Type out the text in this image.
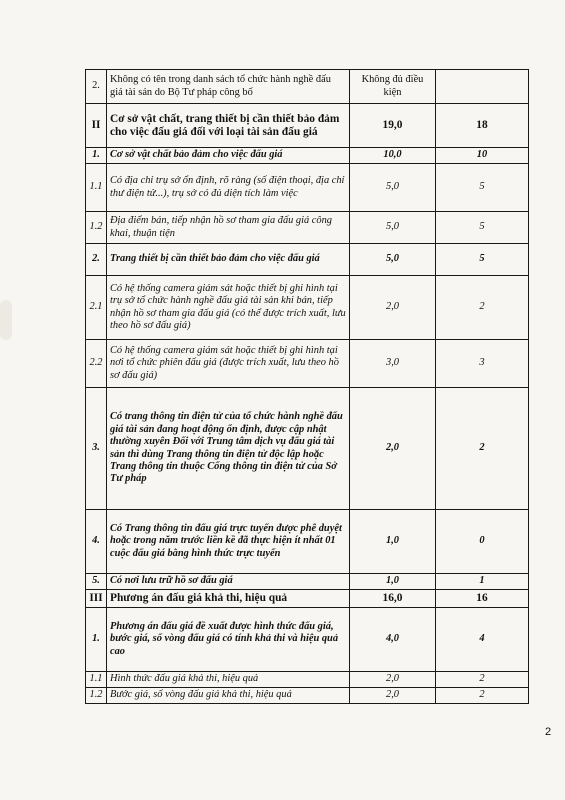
2.	Không có tên trong danh sách tổ chức hành nghề đấu giá tài sản do Bộ Tư pháp công bố	Không đủ điều kiện	
II	Cơ sở vật chất, trang thiết bị cần thiết bảo đảm cho việc đấu giá đối với loại tài sản đấu giá	19,0	18
1.	Cơ sở vật chất bảo đảm cho việc đấu giá	10,0	10
1.1	Có địa chỉ trụ sở ổn định, rõ ràng (số điện thoại, địa chỉ thư điện tử...), trụ sở có đủ diện tích làm việc	5,0	5
1.2	Địa điểm bán, tiếp nhận hồ sơ tham gia đấu giá công khai, thuận tiện	5,0	5
2.	Trang thiết bị cần thiết bảo đảm cho việc đấu giá	5,0	5
2.1	Có hệ thống camera giám sát hoặc thiết bị ghi hình tại trụ sở tổ chức hành nghề đấu giá tài sản khi bán, tiếp nhận hồ sơ tham gia đấu giá (có thể được trích xuất, lưu theo hồ sơ đấu giá)	2,0	2
2.2	Có hệ thống camera giám sát hoặc thiết bị ghi hình tại nơi tổ chức phiên đấu giá (được trích xuất, lưu theo hồ sơ đấu giá)	3,0	3
3.	Có trang thông tin điện tử của tổ chức hành nghề đấu giá tài sản đang hoạt động ổn định, được cập nhật thường xuyên Đối với Trung tâm dịch vụ đấu giá tài sản thì dùng Trang thông tin điện tử độc lập hoặc Trang thông tin thuộc Cổng thông tin điện tử của Sở Tư pháp	2,0	2
4.	Có Trang thông tin đấu giá trực tuyến được phê duyệt hoặc trong năm trước liền kề đã thực hiện ít nhất 01 cuộc đấu giá bằng hình thức trực tuyến	1,0	0
5.	Có nơi lưu trữ hồ sơ đấu giá	1,0	1
III	Phương án đấu giá khả thi, hiệu quả	16,0	16
1.	Phương án đấu giá đề xuất được hình thức đấu giá, bước giá, số vòng đấu giá có tính khả thi và hiệu quả cao	4,0	4
1.1	Hình thức đấu giá khả thi, hiệu quả	2,0	2
1.2	Bước giá, số vòng đấu giá khả thi, hiệu quả	2,0	2
2
